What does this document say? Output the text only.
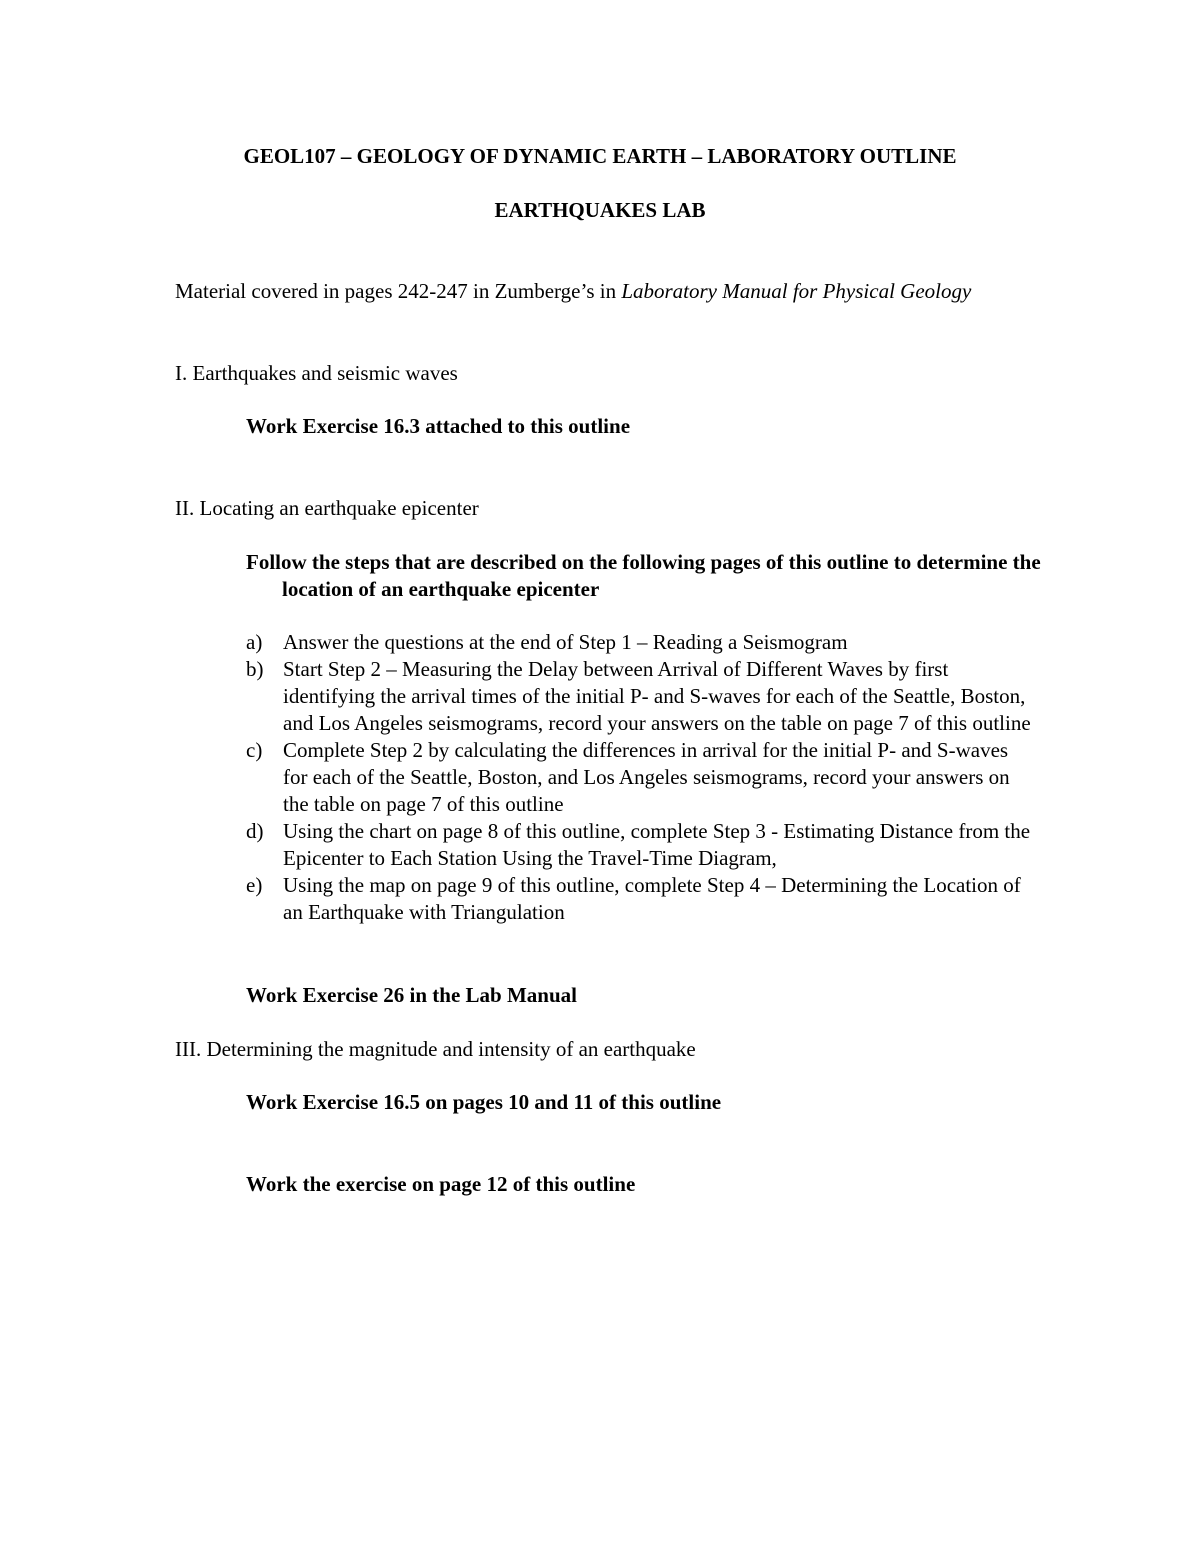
GEOL107 – GEOLOGY OF DYNAMIC EARTH – LABORATORY OUTLINE
EARTHQUAKES LAB
Material covered in pages 242-247 in Zumberge’s in Laboratory Manual for Physical Geology
I. Earthquakes and seismic waves
Work Exercise 16.3 attached to this outline
II. Locating an earthquake epicenter
Follow the steps that are described on the following pages of this outline to determine the location of an earthquake epicenter
a) Answer the questions at the end of Step 1 – Reading a Seismogram
b) Start Step 2 – Measuring the Delay between Arrival of Different Waves by first identifying the arrival times of the initial P- and S-waves for each of the Seattle, Boston, and Los Angeles seismograms, record your answers on the table on page 7 of this outline
c) Complete Step 2 by calculating the differences in arrival for the initial P- and S-waves for each of the Seattle, Boston, and Los Angeles seismograms, record your answers on the table on page 7 of this outline
d) Using the chart on page 8 of this outline, complete Step 3 - Estimating Distance from the Epicenter to Each Station Using the Travel-Time Diagram,
e) Using the map on page 9 of this outline, complete Step 4 – Determining the Location of an Earthquake with Triangulation
Work Exercise 26 in the Lab Manual
III. Determining the magnitude and intensity of an earthquake
Work Exercise 16.5 on pages 10 and 11 of this outline
Work the exercise on page 12 of this outline
